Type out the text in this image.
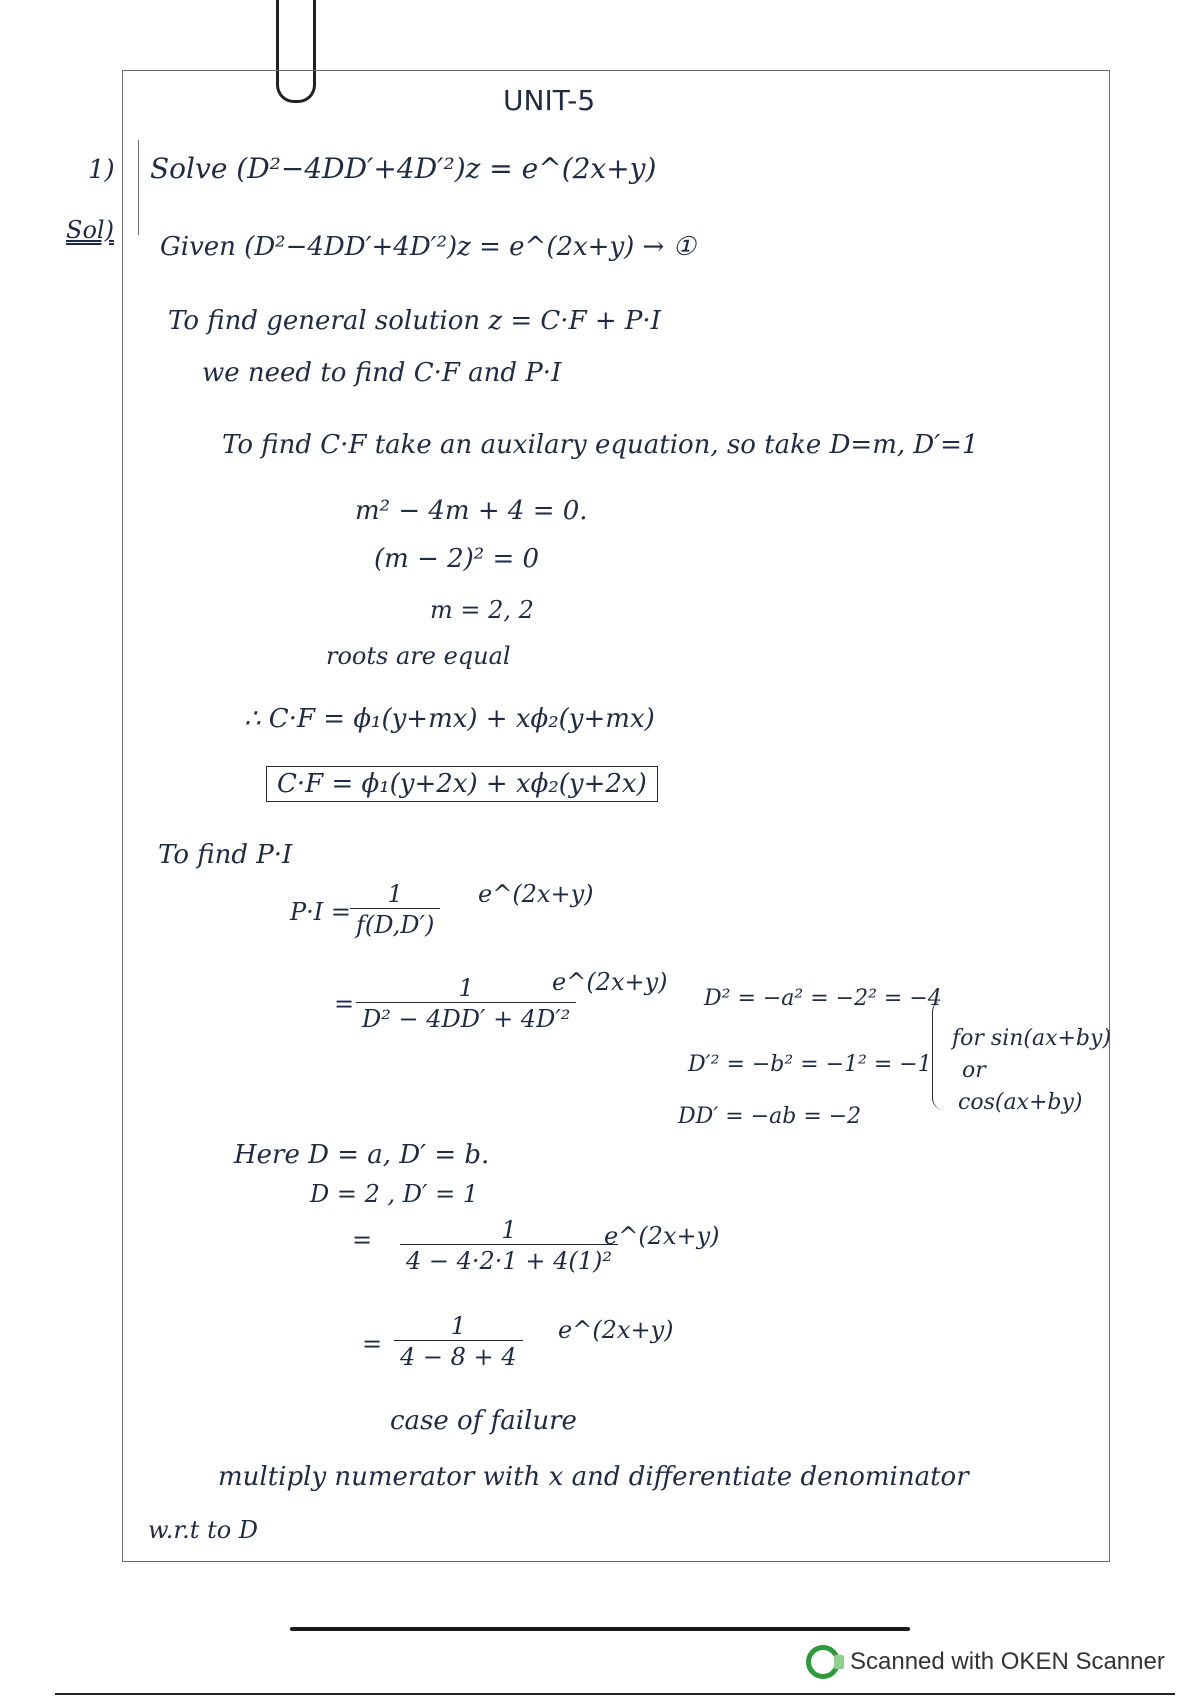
UNIT-5
1) Solve (D²−4DD′+4D′²)z = e^(2x+y)
Sol)
Given (D²−4DD′+4D′²)z = e^(2x+y) → ①
To find general solution z = C·F + P·I
we need to find C·F and P·I
To find C·F take an auxilary equation, so take D=m, D′=1
m² − 4m + 4 = 0.
(m − 2)² = 0
m = 2, 2
roots are equal
∴ C·F = ϕ₁(y+mx) + xϕ₂(y+mx)
C·F = ϕ₁(y+2x) + xϕ₂(y+2x)
To find P·I
$P\cdot I = \frac{1}{f(D,D')}$ e^(2x+y)
= $\frac{1}{\text{D² − 4DD′ + 4D′²}}$
e^(2x+y)
D² = −a² = −2² = −4
D′² = −b² = −1² = −1
DD′ = −ab = −2
for sin(ax+by)
or
cos(ax+by)
Here D = a, D′ = b.
D = 2 , D′ = 1
= $\frac{1}{\text{4 − 4·2·1 + 4(1)²}}$
e^(2x+y)
= $\frac{1}{4 - 8 + 4}$ e^(2x+y)
case of failure
multiply numerator with x and differentiate denominator
w.r.t to D
Scanned with OKEN Scanner
